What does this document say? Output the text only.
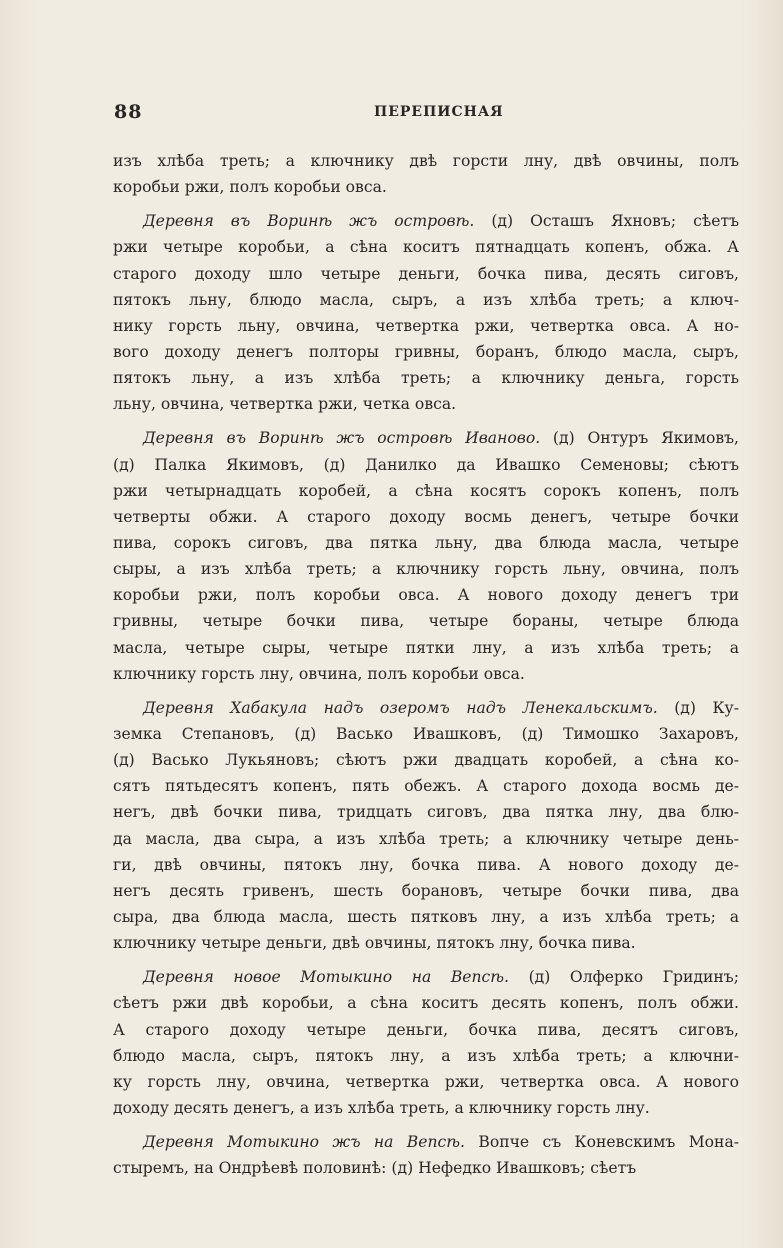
88	ПЕРЕПИСНАЯ
изъ хлѣба треть; а ключнику двѣ горсти лну, двѣ овчины, полъ
коробьи ржи, полъ коробьи овса.
Деревня въ Воринѣ жъ островѣ. (д) Осташъ Яхновъ; сѣетъ
ржи четыре коробьи, а сѣна коситъ пятнадцать копенъ, обжа. А
старого доходу шло четыре деньги, бочка пива, десять сиговъ,
пятокъ льну, блюдо масла, сыръ, а изъ хлѣба треть; а ключ-
нику горсть льну, овчина, четвертка ржи, четвертка овса. А но-
вого доходу денегъ полторы гривны, боранъ, блюдо масла, сыръ,
пятокъ льну, а изъ хлѣба треть; а ключнику деньга, горсть
льну, овчина, четвертка ржи, четка овса.
Деревня въ Воринѣ жъ островѣ Иваново. (д) Онтуръ Якимовъ,
(д) Палка Якимовъ, (д) Данилко да Ивашко Семеновы; сѣютъ
ржи четырнадцать коробей, а сѣна косятъ сорокъ копенъ, полъ
четверты обжи. А старого доходу восмь денегъ, четыре бочки
пива, сорокъ сиговъ, два пятка льну, два блюда масла, четыре
сыры, а изъ хлѣба треть; а ключнику горсть льну, овчина, полъ
коробьи ржи, полъ коробьи овса. А нового доходу денегъ три
гривны, четыре бочки пива, четыре бораны, четыре блюда
масла, четыре сыры, четыре пятки лну, а изъ хлѣба треть; а
ключнику горсть лну, овчина, полъ коробьи овса.
Деревня Хабакула надъ озеромъ надъ Ленекальскимъ. (д) Ку-
земка Степановъ, (д) Васько Ивашковъ, (д) Тимошко Захаровъ,
(д) Васько Лукьяновъ; сѣютъ ржи двадцать коробей, а сѣна ко-
сятъ пятьдесятъ копенъ, пять обежъ. А старого дохода восмь де-
негъ, двѣ бочки пива, тридцать сиговъ, два пятка лну, два блю-
да масла, два сыра, а изъ хлѣба треть; а ключнику четыре день-
ги, двѣ овчины, пятокъ лну, бочка пива. А нового доходу де-
негъ десять гривенъ, шесть борановъ, четыре бочки пива, два
сыра, два блюда масла, шесть пятковъ лну, а изъ хлѣба треть; а
ключнику четыре деньги, двѣ овчины, пятокъ лну, бочка пива.
Деревня новое Мотыкино на Вепсѣ. (д) Олферко Гридинъ;
сѣетъ ржи двѣ коробьи, а сѣна коситъ десять копенъ, полъ обжи.
А старого доходу четыре деньги, бочка пива, десятъ сиговъ,
блюдо масла, сыръ, пятокъ лну, а изъ хлѣба треть; а ключни-
ку горсть лну, овчина, четвертка ржи, четвертка овса. А нового
доходу десять денегъ, а изъ хлѣба треть, а ключнику горсть лну.
Деревня Мотыкино жъ на Вепсѣ. Вопче съ Коневскимъ Мона-
стыремъ, на Ондрѣевѣ половинѣ: (д) Нефедко Ивашковъ; сѣетъ
